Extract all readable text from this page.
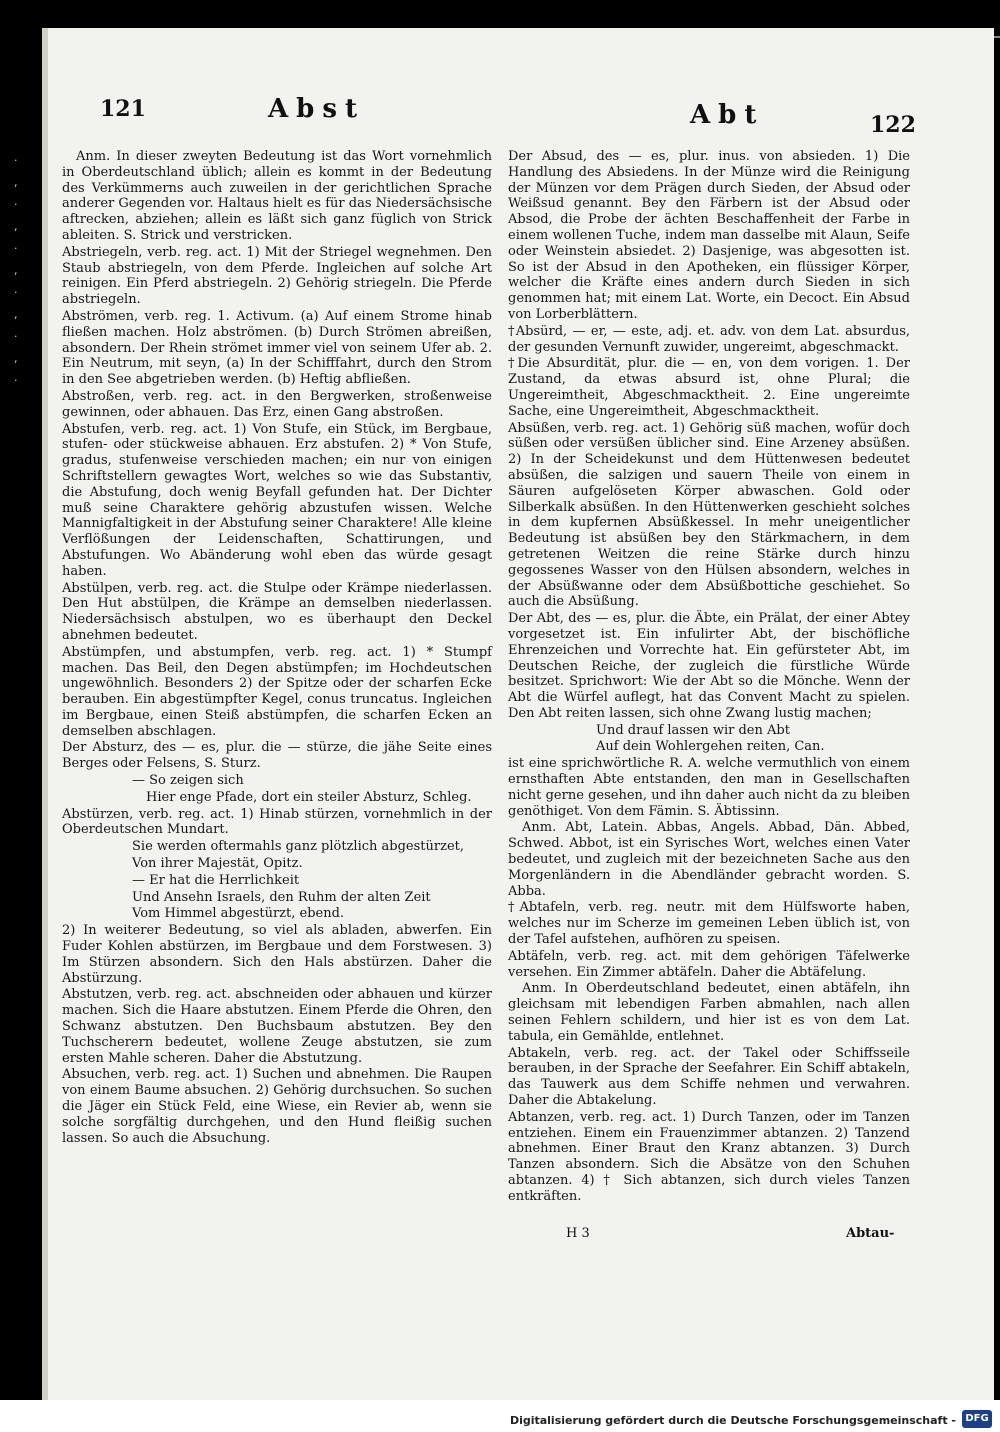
·
,
·
,
·
,
·
,
·
,
·
121	Abst	Abt	122

Anm. In dieser zweyten Bedeutung ist das Wort vornehmlich in Oberdeutschland üblich; allein es kommt in der Bedeutung des Verkümmerns auch zuweilen in der gerichtlichen Sprache anderer Gegenden vor. Haltaus hielt es für das Niedersächsische aftrecken, abziehen; allein es läßt sich ganz füglich von Strick ableiten. S. Strick und verstricken.

Abstriegeln, verb. reg. act. 1) Mit der Striegel wegnehmen. Den Staub abstriegeln, von dem Pferde. Ingleichen auf solche Art reinigen. Ein Pferd abstriegeln. 2) Gehörig striegeln. Die Pferde abstriegeln.

Abströmen, verb. reg. 1. Activum. (a) Auf einem Strome hinab fließen machen. Holz abströmen. (b) Durch Strömen abreißen, absondern. Der Rhein strömet immer viel von seinem Ufer ab. 2. Ein Neutrum, mit seyn, (a) In der Schifffahrt, durch den Strom in den See abgetrieben werden. (b) Heftig abfließen.

Abstroßen, verb. reg. act. in den Bergwerken, stroßenweise gewinnen, oder abhauen. Das Erz, einen Gang abstroßen.

Abstufen, verb. reg. act. 1) Von Stufe, ein Stück, im Bergbaue, stufen- oder stückweise abhauen. Erz abstufen. 2) * Von Stufe, gradus, stufenweise verschieden machen; ein nur von einigen Schriftstellern gewagtes Wort, welches so wie das Substantiv, die Abstufung, doch wenig Beyfall gefunden hat. Der Dichter muß seine Charaktere gehörig abzustufen wissen. Welche Mannigfaltigkeit in der Abstufung seiner Charaktere! Alle kleine Verflößungen der Leidenschaften, Schattirungen, und Abstufungen. Wo Abänderung wohl eben das würde gesagt haben.

Abstülpen, verb. reg. act. die Stulpe oder Krämpe niederlassen. Den Hut abstülpen, die Krämpe an demselben niederlassen. Niedersächsisch abstulpen, wo es überhaupt den Deckel abnehmen bedeutet.

Abstümpfen, und abstumpfen, verb. reg. act. 1) * Stumpf machen. Das Beil, den Degen abstümpfen; im Hochdeutschen ungewöhnlich. Besonders 2) der Spitze oder der scharfen Ecke berauben. Ein abgestümpfter Kegel, conus truncatus. Ingleichen im Bergbaue, einen Steiß abstümpfen, die scharfen Ecken an demselben abschlagen.

Der Absturz, des — es, plur. die — stürze, die jähe Seite eines Berges oder Felsens, S. Sturz.

— So zeigen sich

Hier enge Pfade, dort ein steiler Absturz, Schleg.

Abstürzen, verb. reg. act. 1) Hinab stürzen, vornehmlich in der Oberdeutschen Mundart.

Sie werden oftermahls ganz plötzlich abgestürzet,

Von ihrer Majestät, Opitz.

— Er hat die Herrlichkeit

Und Ansehn Israels, den Ruhm der alten Zeit

Vom Himmel abgestürzt, ebend.

2) In weiterer Bedeutung, so viel als abladen, abwerfen. Ein Fuder Kohlen abstürzen, im Bergbaue und dem Forstwesen. 3) Im Stürzen absondern. Sich den Hals abstürzen. Daher die Abstürzung.

Abstutzen, verb. reg. act. abschneiden oder abhauen und kürzer machen. Sich die Haare abstutzen. Einem Pferde die Ohren, den Schwanz abstutzen. Den Buchsbaum abstutzen. Bey den Tuchscherern bedeutet, wollene Zeuge abstutzen, sie zum ersten Mahle scheren. Daher die Abstutzung.

Absuchen, verb. reg. act. 1) Suchen und abnehmen. Die Raupen von einem Baume absuchen. 2) Gehörig durchsuchen. So suchen die Jäger ein Stück Feld, eine Wiese, ein Revier ab, wenn sie solche sorgfältig durchgehen, und den Hund fleißig suchen lassen. So auch die Absuchung.

Der Absud, des — es, plur. inus. von absieden. 1) Die Handlung des Absiedens. In der Münze wird die Reinigung der Münzen vor dem Prägen durch Sieden, der Absud oder Weißsud genannt. Bey den Färbern ist der Absud oder Absod, die Probe der ächten Beschaffenheit der Farbe in einem wollenen Tuche, indem man dasselbe mit Alaun, Seife oder Weinstein absiedet. 2) Dasjenige, was abgesotten ist. So ist der Absud in den Apotheken, ein flüssiger Körper, welcher die Kräfte eines andern durch Sieden in sich genommen hat; mit einem Lat. Worte, ein Decoct. Ein Absud von Lorberblättern.

†Absürd, — er, — este, adj. et. adv. von dem Lat. absurdus, der gesunden Vernunft zuwider, ungereimt, abgeschmackt.

†Die Absurdität, plur. die — en, von dem vorigen. 1. Der Zustand, da etwas absurd ist, ohne Plural; die Ungereimtheit, Abgeschmacktheit. 2. Eine ungereimte Sache, eine Ungereimtheit, Abgeschmacktheit.

Absüßen, verb. reg. act. 1) Gehörig süß machen, wofür doch süßen oder versüßen üblicher sind. Eine Arzeney absüßen. 2) In der Scheidekunst und dem Hüttenwesen bedeutet absüßen, die salzigen und sauern Theile von einem in Säuren aufgelöseten Körper abwaschen. Gold oder Silberkalk absüßen. In den Hüttenwerken geschieht solches in dem kupfernen Absüßkessel. In mehr uneigentlicher Bedeutung ist absüßen bey den Stärkmachern, in dem getretenen Weitzen die reine Stärke durch hinzu gegossenes Wasser von den Hülsen absondern, welches in der Absüßwanne oder dem Absüßbottiche geschiehet. So auch die Absüßung.

Der Abt, des — es, plur. die Äbte, ein Prälat, der einer Abtey vorgesetzet ist. Ein infulirter Abt, der bischöfliche Ehrenzeichen und Vorrechte hat. Ein gefürsteter Abt, im Deutschen Reiche, der zugleich die fürstliche Würde besitzet. Sprichwort: Wie der Abt so die Mönche. Wenn der Abt die Würfel auflegt, hat das Convent Macht zu spielen. Den Abt reiten lassen, sich ohne Zwang lustig machen;

Und drauf lassen wir den Abt

Auf dein Wohlergehen reiten, Can.

ist eine sprichwörtliche R. A. welche vermuthlich von einem ernsthaften Abte entstanden, den man in Gesellschaften nicht gerne gesehen, und ihn daher auch nicht da zu bleiben genöthiget. Von dem Fämin. S. Äbtissinn.

Anm. Abt, Latein. Abbas, Angels. Abbad, Dän. Abbed, Schwed. Abbot, ist ein Syrisches Wort, welches einen Vater bedeutet, und zugleich mit der bezeichneten Sache aus den Morgenländern in die Abendländer gebracht worden. S. Abba.

†Abtafeln, verb. reg. neutr. mit dem Hülfsworte haben, welches nur im Scherze im gemeinen Leben üblich ist, von der Tafel aufstehen, aufhören zu speisen.

Abtäfeln, verb. reg. act. mit dem gehörigen Täfelwerke versehen. Ein Zimmer abtäfeln. Daher die Abtäfelung.

Anm. In Oberdeutschland bedeutet, einen abtäfeln, ihn gleichsam mit lebendigen Farben abmahlen, nach allen seinen Fehlern schildern, und hier ist es von dem Lat. tabula, ein Gemählde, entlehnet.

Abtakeln, verb. reg. act. der Takel oder Schiffsseile berauben, in der Sprache der Seefahrer. Ein Schiff abtakeln, das Tauwerk aus dem Schiffe nehmen und verwahren. Daher die Abtakelung.

Abtanzen, verb. reg. act. 1) Durch Tanzen, oder im Tanzen entziehen. Einem ein Frauenzimmer abtanzen. 2) Tanzend abnehmen. Einer Braut den Kranz abtanzen. 3) Durch Tanzen absondern. Sich die Absätze von den Schuhen abtanzen. 4) † Sich abtanzen, sich durch vieles Tanzen entkräften.

H 3	Abtau-
Digitalisierung gefördert durch die Deutsche Forschungsgemeinschaft - DFG
